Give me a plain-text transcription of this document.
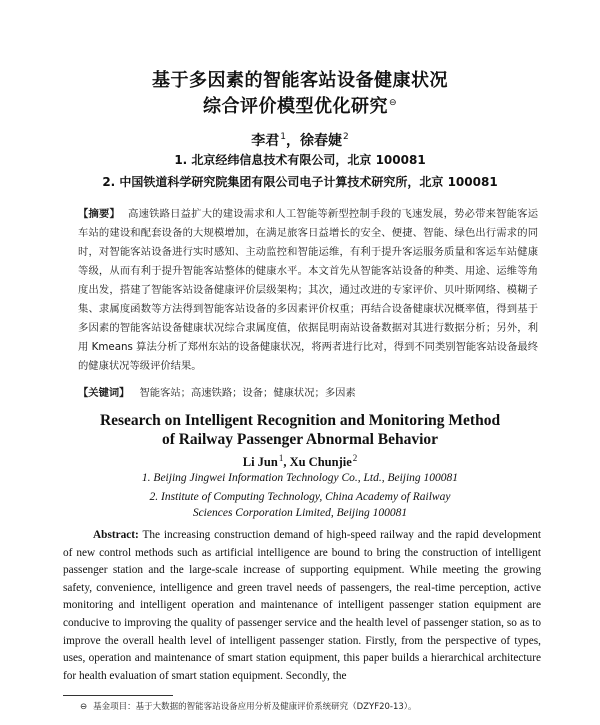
基于多因素的智能客站设备健康状况
综合评价模型优化研究⊖
李君$^1$，徐春婕$^2$
1. 北京经纬信息技术有限公司，北京 100081
2. 中国铁道科学研究院集团有限公司电子计算技术研究所，北京 100081
【摘要】 高速铁路日益扩大的建设需求和人工智能等新型控制手段的飞速发展，势必带来智能客运车站的建设和配套设备的大规模增加，在满足旅客日益增长的安全、便捷、智能、绿色出行需求的同时，对智能客站设备进行实时感知、主动监控和智能运维，有利于提升客运服务质量和客运车站健康等级，从而有利于提升智能客站整体的健康水平。本文首先从智能客站设备的种类、用途、运维等角度出发，搭建了智能客站设备健康评价层级架构；其次，通过改进的专家评价、贝叶斯网络、模糊子集、隶属度函数等方法得到智能客站设备的多因素评价权重；再结合设备健康状况概率值，得到基于多因素的智能客站设备健康状况综合隶属度值，依据昆明南站设备数据对其进行数据分析；另外，利用 Kmeans 算法分析了郑州东站的设备健康状况，将两者进行比对，得到不同类别智能客站设备最终的健康状况等级评价结果。
【关键词】 智能客站；高速铁路；设备；健康状况；多因素
Research on Intelligent Recognition and Monitoring Method
of Railway Passenger Abnormal Behavior
Li Jun$^1$, Xu Chunjie$^2$
1. Beijing Jingwei Information Technology Co., Ltd., Beijing 100081
2. Institute of Computing Technology, China Academy of Railway
Sciences Corporation Limited, Beijing 100081
Abstract: The increasing construction demand of high-speed railway and the rapid development of new control methods such as artificial intelligence are bound to bring the construction of intelligent passenger station and the large-scale increase of supporting equipment. While meeting the growing safety, convenience, intelligence and green travel needs of passengers, the real-time perception, active monitoring and intelligent operation and maintenance of intelligent passenger station equipment are conducive to improving the quality of passenger service and the health level of passenger station, so as to improve the overall health level of intelligent passenger station. Firstly, from the perspective of types, uses, operation and maintenance of smart station equipment, this paper builds a hierarchical architecture for health evaluation of smart station equipment. Secondly, the
⊖ 基金项目：基于大数据的智能客站设备应用分析及健康评价系统研究（DZYF20-13）。
